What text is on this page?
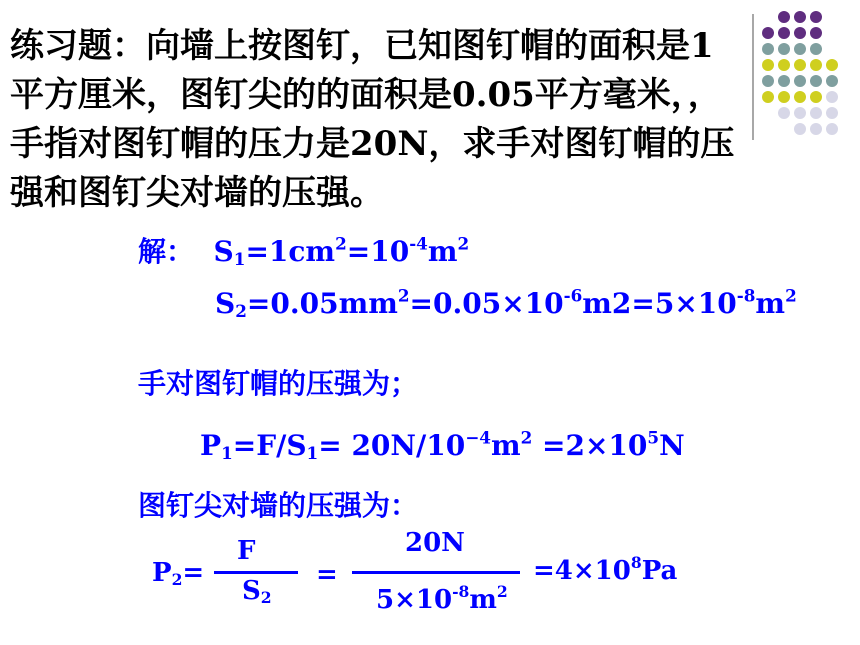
练习题：向墙上按图钉，已知图钉帽的面积是1
平方厘米，图钉尖的的面积是0.05平方毫米，，
手指对图钉帽的压力是20N，求手对图钉帽的压
强和图钉尖对墙的压强。
解： $S_1=1cm^2=10^{-4}m^2$
$S_2=0.05mm^2=0.05\times 10^{-6}m2=5\times 10^{-8}m^2$
手对图钉帽的压强为；
$P_1=F/S_1= 20N/10^{-4}m^2 =2\times 10^5N$
图钉尖对墙的压强为：
$P_2=$
F
$S_2$
=
20N
$5\times 10^{-8}m^2$
$=4\times 10^8Pa$
